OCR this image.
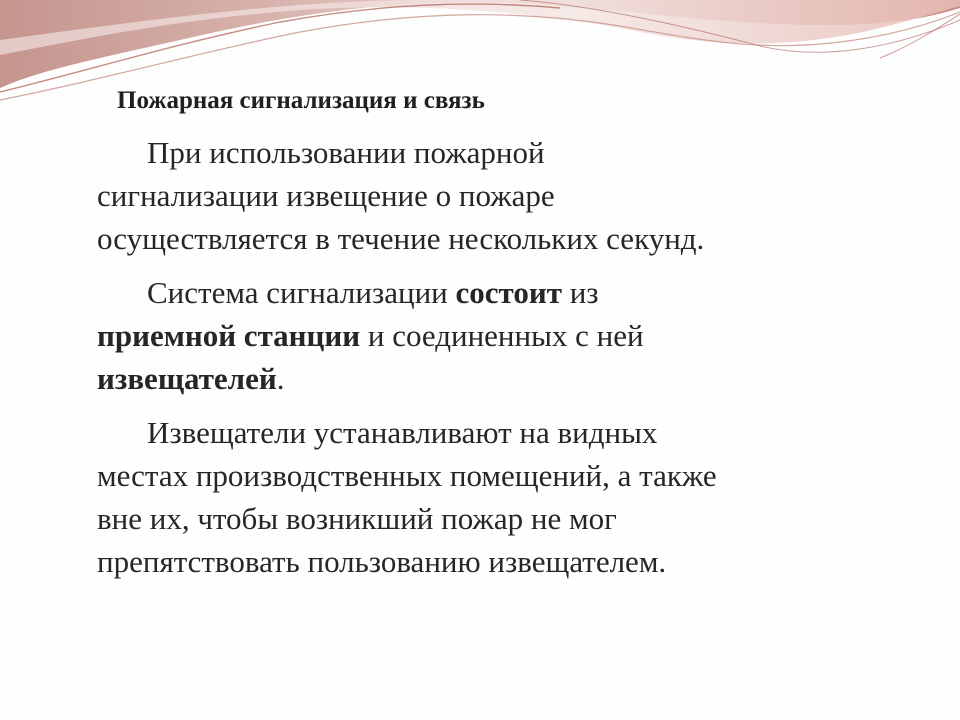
Пожарная сигнализация и связь
При использовании пожарной
сигнализации извещение о пожаре
осуществляется в течение нескольких секунд.
Система сигнализации состоит из
приемной станции и соединенных с ней
извещателей.
Извещатели устанавливают на видных
местах производственных помещений, а также
вне их, чтобы возникший пожар не мог
препятствовать пользованию извещателем.
